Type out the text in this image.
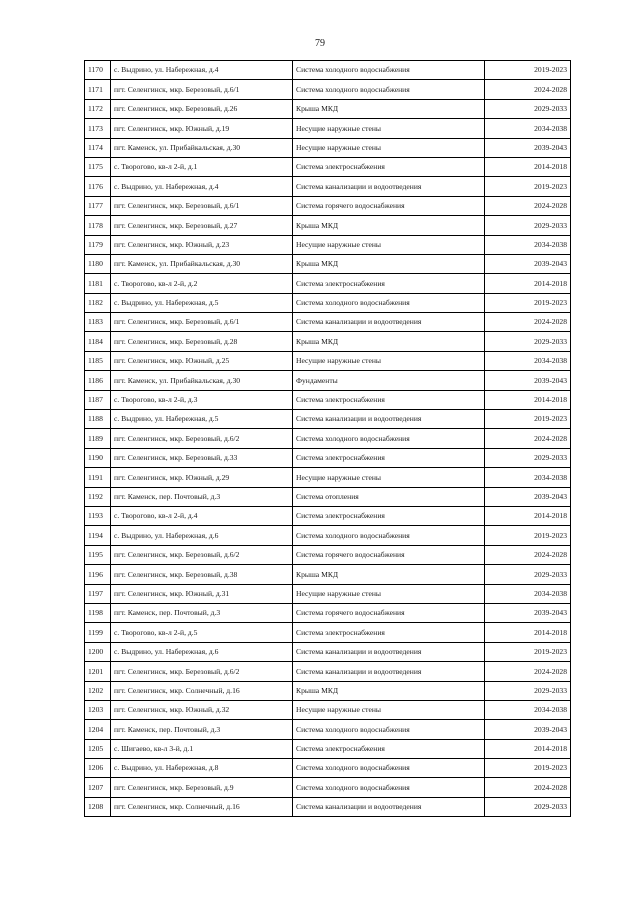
79
1170	с. Выдрино, ул. Набережная, д.4	Система холодного водоснабжения	2019-2023
1171	пгт. Селенгинск, мкр. Березовый, д.6/1	Система холодного водоснабжения	2024-2028
1172	пгт. Селенгинск, мкр. Березовый, д.26	Крыша МКД	2029-2033
1173	пгт. Селенгинск, мкр. Южный, д.19	Несущие наружные стены	2034-2038
1174	пгт. Каменск, ул. Прибайкальская, д.30	Несущие наружные стены	2039-2043
1175	с. Творогово, кв-л 2-й, д.1	Система электроснабжения	2014-2018
1176	с. Выдрино, ул. Набережная, д.4	Система канализации и водоотведения	2019-2023
1177	пгт. Селенгинск, мкр. Березовый, д.6/1	Система горячего водоснабжения	2024-2028
1178	пгт. Селенгинск, мкр. Березовый, д.27	Крыша МКД	2029-2033
1179	пгт. Селенгинск, мкр. Южный, д.23	Несущие наружные стены	2034-2038
1180	пгт. Каменск, ул. Прибайкальская, д.30	Крыша МКД	2039-2043
1181	с. Творогово, кв-л 2-й, д.2	Система электроснабжения	2014-2018
1182	с. Выдрино, ул. Набережная, д.5	Система холодного водоснабжения	2019-2023
1183	пгт. Селенгинск, мкр. Березовый, д.6/1	Система канализации и водоотведения	2024-2028
1184	пгт. Селенгинск, мкр. Березовый, д.28	Крыша МКД	2029-2033
1185	пгт. Селенгинск, мкр. Южный, д.25	Несущие наружные стены	2034-2038
1186	пгт. Каменск, ул. Прибайкальская, д.30	Фундаменты	2039-2043
1187	с. Творогово, кв-л 2-й, д.3	Система электроснабжения	2014-2018
1188	с. Выдрино, ул. Набережная, д.5	Система канализации и водоотведения	2019-2023
1189	пгт. Селенгинск, мкр. Березовый, д.6/2	Система холодного водоснабжения	2024-2028
1190	пгт. Селенгинск, мкр. Березовый, д.33	Система электроснабжения	2029-2033
1191	пгт. Селенгинск, мкр. Южный, д.29	Несущие наружные стены	2034-2038
1192	пгт. Каменск, пер. Почтовый, д.3	Система отопления	2039-2043
1193	с. Творогово, кв-л 2-й, д.4	Система электроснабжения	2014-2018
1194	с. Выдрино, ул. Набережная, д.6	Система холодного водоснабжения	2019-2023
1195	пгт. Селенгинск, мкр. Березовый, д.6/2	Система горячего водоснабжения	2024-2028
1196	пгт. Селенгинск, мкр. Березовый, д.38	Крыша МКД	2029-2033
1197	пгт. Селенгинск, мкр. Южный, д.31	Несущие наружные стены	2034-2038
1198	пгт. Каменск, пер. Почтовый, д.3	Система горячего водоснабжения	2039-2043
1199	с. Творогово, кв-л 2-й, д.5	Система электроснабжения	2014-2018
1200	с. Выдрино, ул. Набережная, д.6	Система канализации и водоотведения	2019-2023
1201	пгт. Селенгинск, мкр. Березовый, д.6/2	Система канализации и водоотведения	2024-2028
1202	пгт. Селенгинск, мкр. Солнечный, д.16	Крыша МКД	2029-2033
1203	пгт. Селенгинск, мкр. Южный, д.32	Несущие наружные стены	2034-2038
1204	пгт. Каменск, пер. Почтовый, д.3	Система холодного водоснабжения	2039-2043
1205	с. Шигаево, кв-л 3-й, д.1	Система электроснабжения	2014-2018
1206	с. Выдрино, ул. Набережная, д.8	Система холодного водоснабжения	2019-2023
1207	пгт. Селенгинск, мкр. Березовый, д.9	Система холодного водоснабжения	2024-2028
1208	пгт. Селенгинск, мкр. Солнечный, д.16	Система канализации и водоотведения	2029-2033
